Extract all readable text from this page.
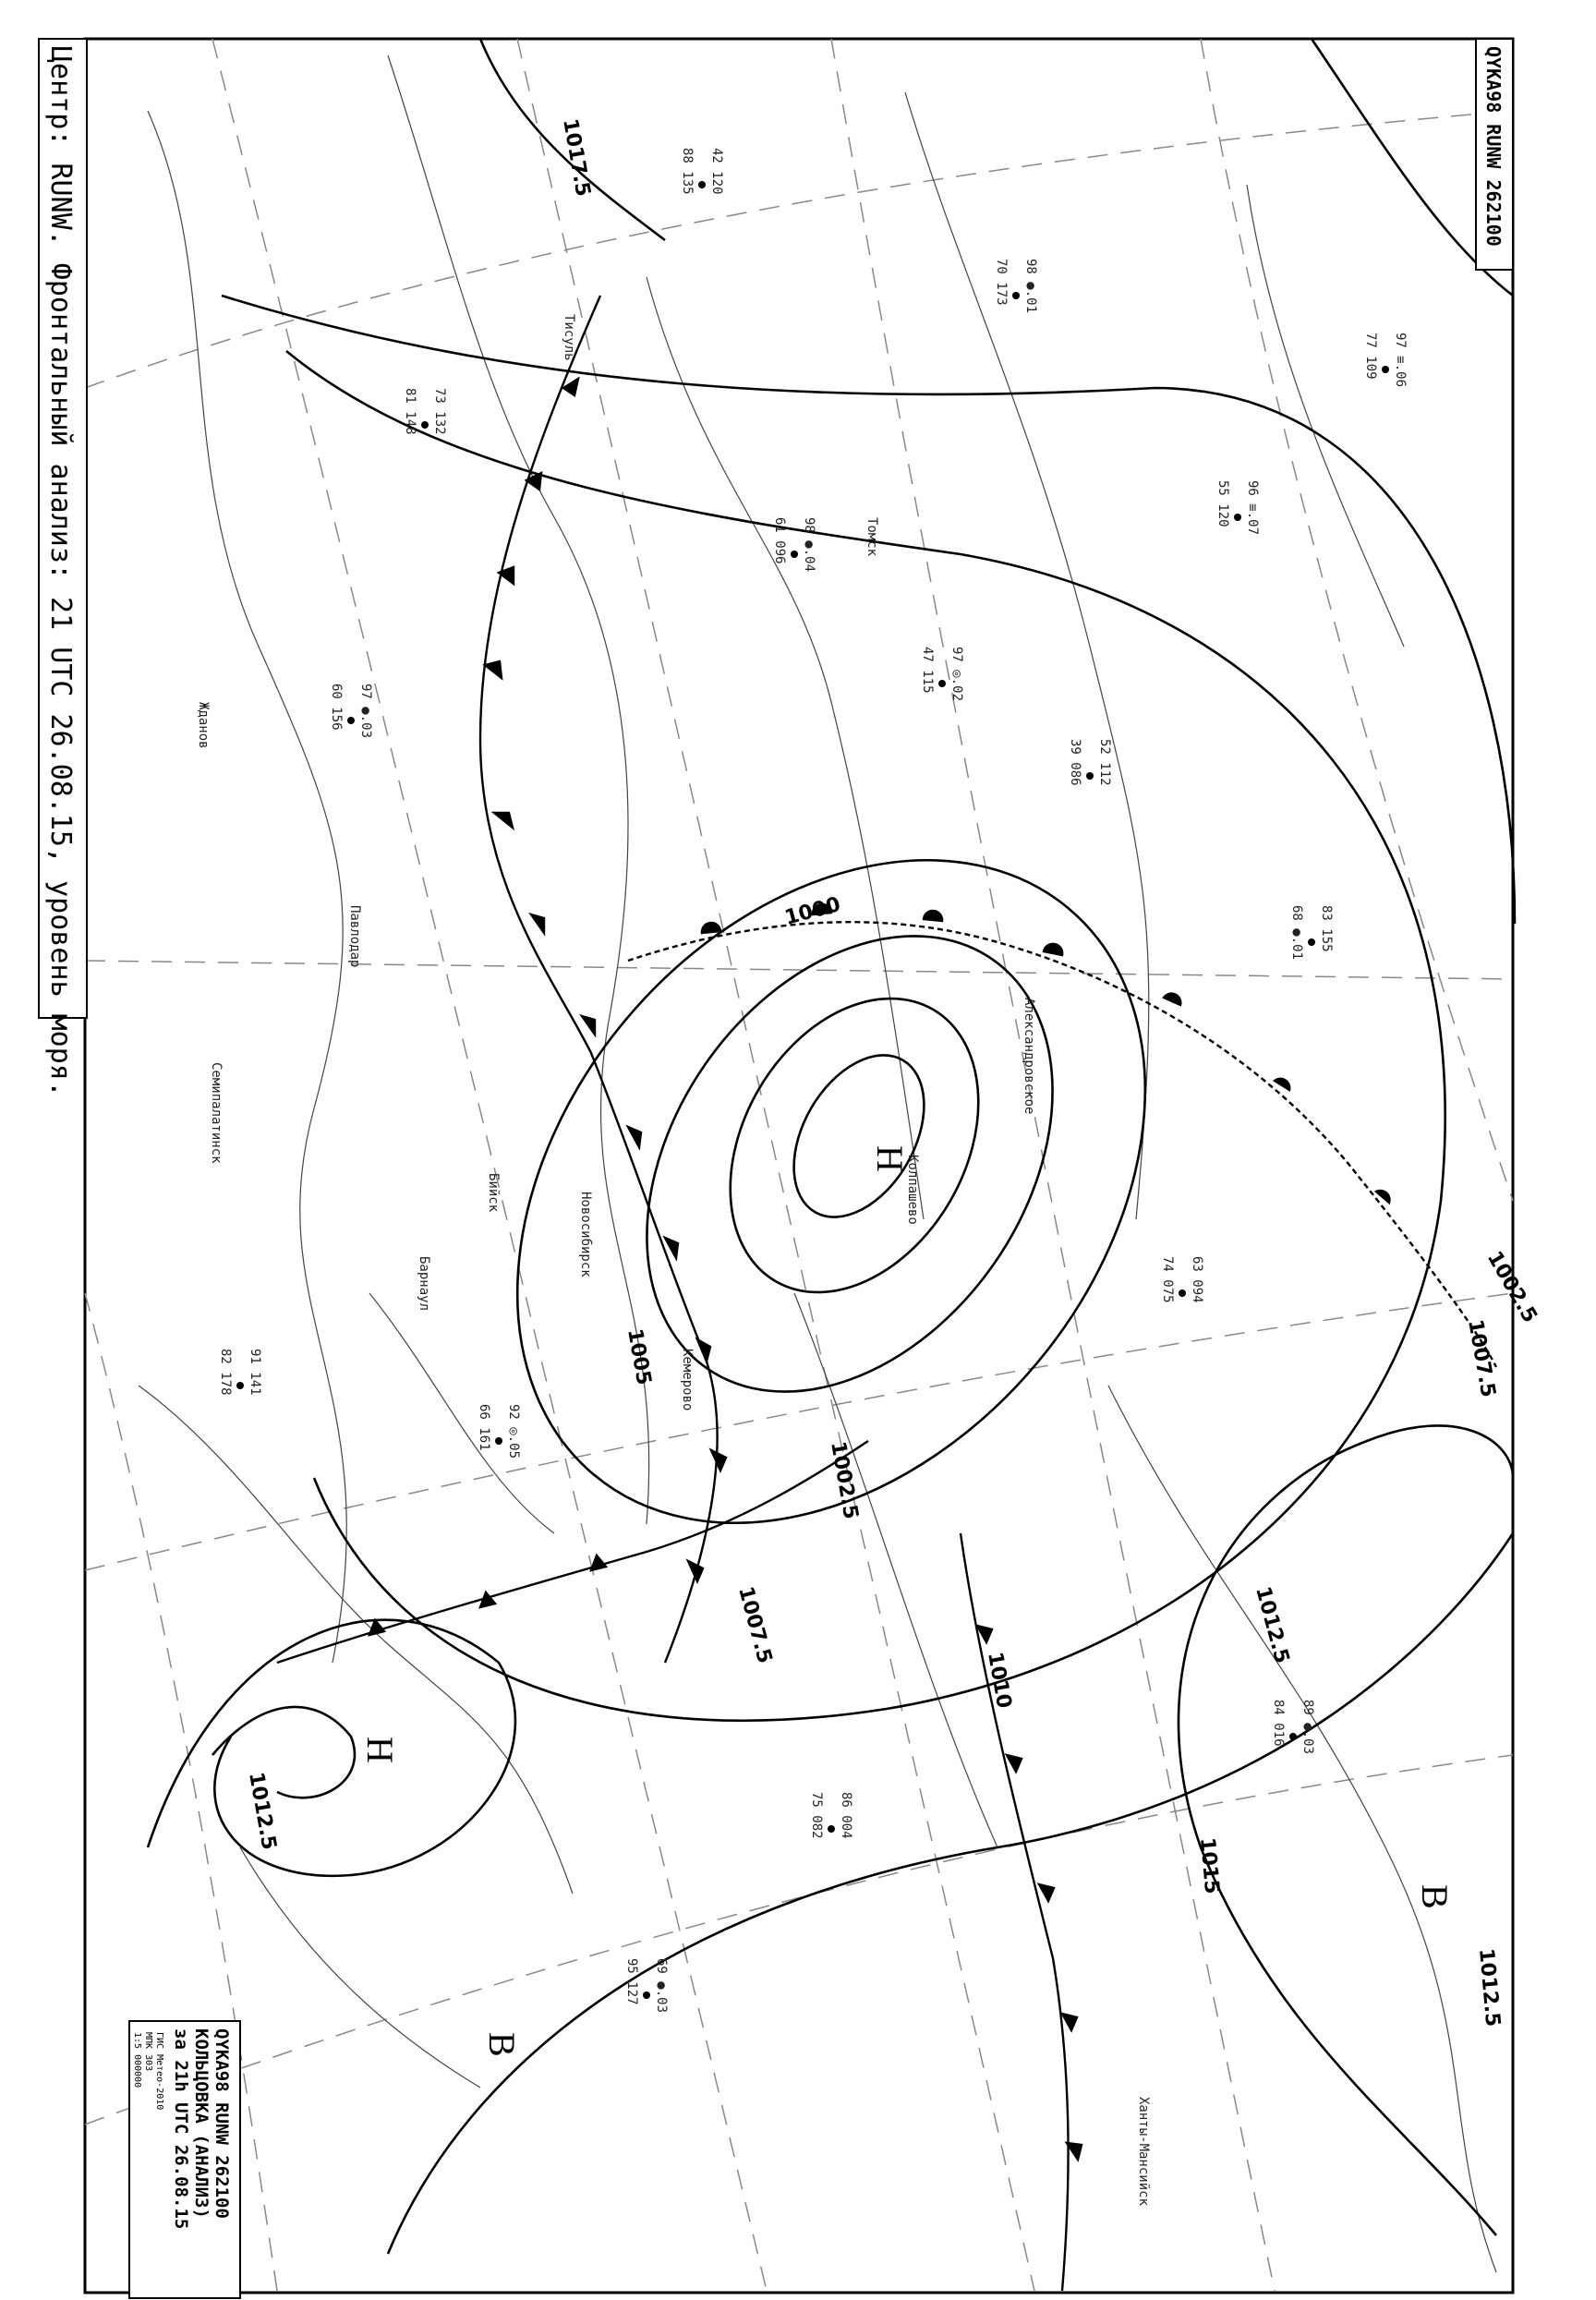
1000
1002.5
1002.5
1005
1007.5
1007.5
1010
1012.5
1012.5
1015
1017.5
1012.5
Н
Н
В
В
Тисуль
Жданов
Семипалатинск
Павлодар
Барнаул
Кемерово
Бийск	Колпашево
Александровское
Новосибирск
Томск
Ханты-Мансийск
61 096 98 ●.04
47 115 97 ◎.02
39 086 52 112
55 120 96 ≡.07
81 148 73 132
60 156 97 ●.03
88 135 42 120
70 173 98 ●.01
74 075 63 094
82 178 91 141
66 161 92 ◎.05
84 016 89 ●.03
75 082 86 004
95 127 69 ●.03
77 109 97 ≡.06
68 ●.01 83 155
Центр: RUNW. Фронтальный анализ: 21 UTC 26.08.15, уровень моря.	QYKA98 RUNW 262100
QYKA98 RUNW 262100
КОЛЬЦОВКА (АНАЛИЗ)
за 21h UTC 26.08.15
ГИС Метео-2010
МПК 303
1:5 000000
